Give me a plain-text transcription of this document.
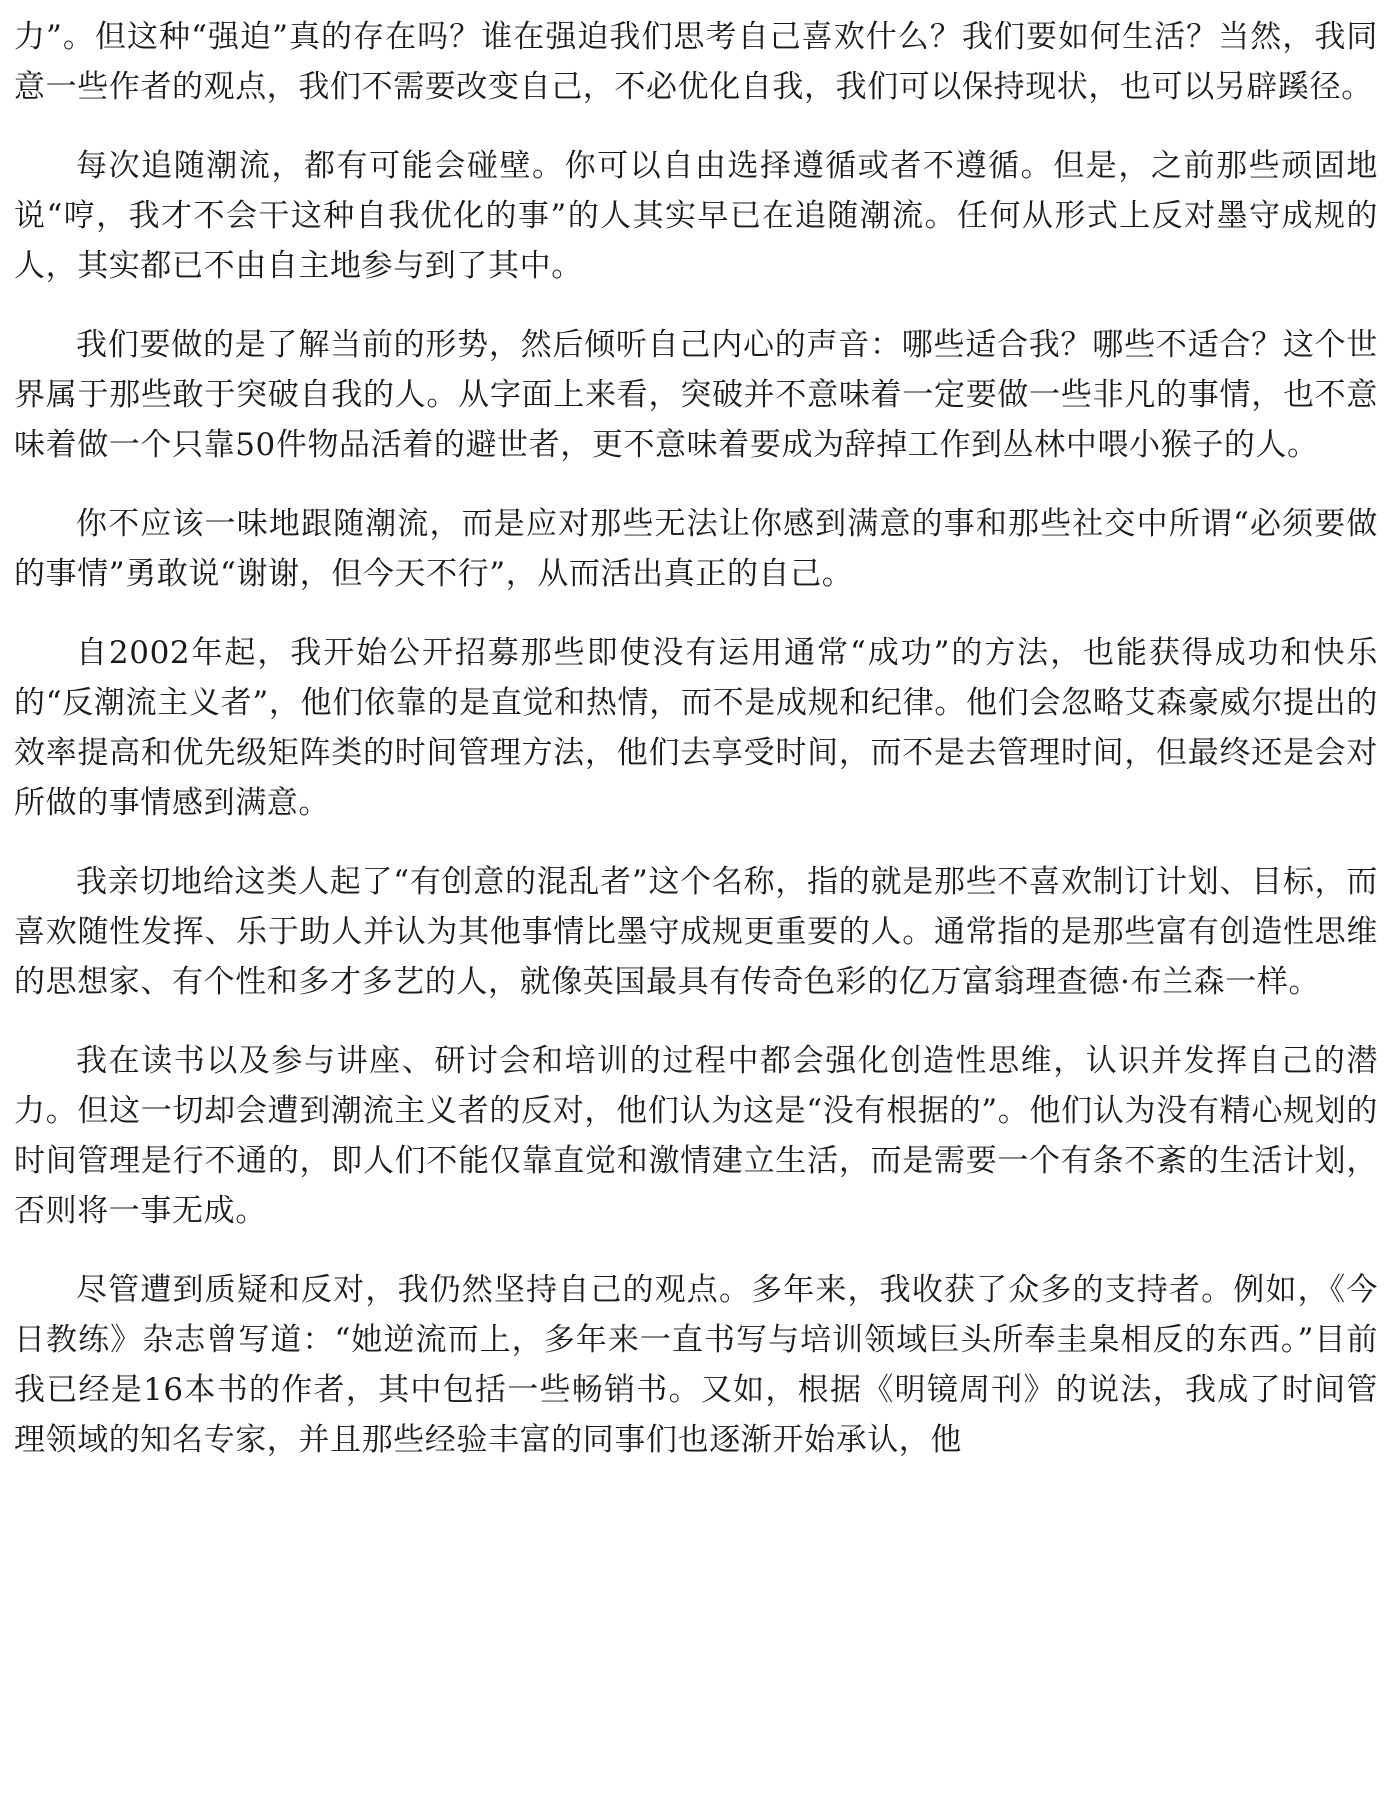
力”。但这种“强迫”真的存在吗？谁在强迫我们思考自己喜欢什么？我们要如何生活？当然，我同意一些作者的观点，我们不需要改变自己，不必优化自我，我们可以保持现状，也可以另辟蹊径。

每次追随潮流，都有可能会碰壁。你可以自由选择遵循或者不遵循。但是，之前那些顽固地说“哼，我才不会干这种自我优化的事”的人其实早已在追随潮流。任何从形式上反对墨守成规的人，其实都已不由自主地参与到了其中。

我们要做的是了解当前的形势，然后倾听自己内心的声音：哪些适合我？哪些不适合？这个世界属于那些敢于突破自我的人。从字面上来看，突破并不意味着一定要做一些非凡的事情，也不意味着做一个只靠50件物品活着的避世者，更不意味着要成为辞掉工作到丛林中喂小猴子的人。

你不应该一味地跟随潮流，而是应对那些无法让你感到满意的事和那些社交中所谓“必须要做的事情”勇敢说“谢谢，但今天不行”，从而活出真正的自己。

自2002年起，我开始公开招募那些即使没有运用通常“成功”的方法，也能获得成功和快乐的“反潮流主义者”，他们依靠的是直觉和热情，而不是成规和纪律。他们会忽略艾森豪威尔提出的效率提高和优先级矩阵类的时间管理方法，他们去享受时间，而不是去管理时间，但最终还是会对所做的事情感到满意。

我亲切地给这类人起了“有创意的混乱者”这个名称，指的就是那些不喜欢制订计划、目标，而喜欢随性发挥、乐于助人并认为其他事情比墨守成规更重要的人。通常指的是那些富有创造性思维的思想家、有个性和多才多艺的人，就像英国最具有传奇色彩的亿万富翁理查德·布兰森一样。

我在读书以及参与讲座、研讨会和培训的过程中都会强化创造性思维，认识并发挥自己的潜力。但这一切却会遭到潮流主义者的反对，他们认为这是“没有根据的”。他们认为没有精心规划的时间管理是行不通的，即人们不能仅靠直觉和激情建立生活，而是需要一个有条不紊的生活计划，否则将一事无成。

尽管遭到质疑和反对，我仍然坚持自己的观点。多年来，我收获了众多的支持者。例如，《今日教练》杂志曾写道：“她逆流而上，多年来一直书写与培训领域巨头所奉圭臬相反的东西。”目前我已经是16本书的作者，其中包括一些畅销书。又如，根据《明镜周刊》的说法，我成了时间管理领域的知名专家，并且那些经验丰富的同事们也逐渐开始承认，他
